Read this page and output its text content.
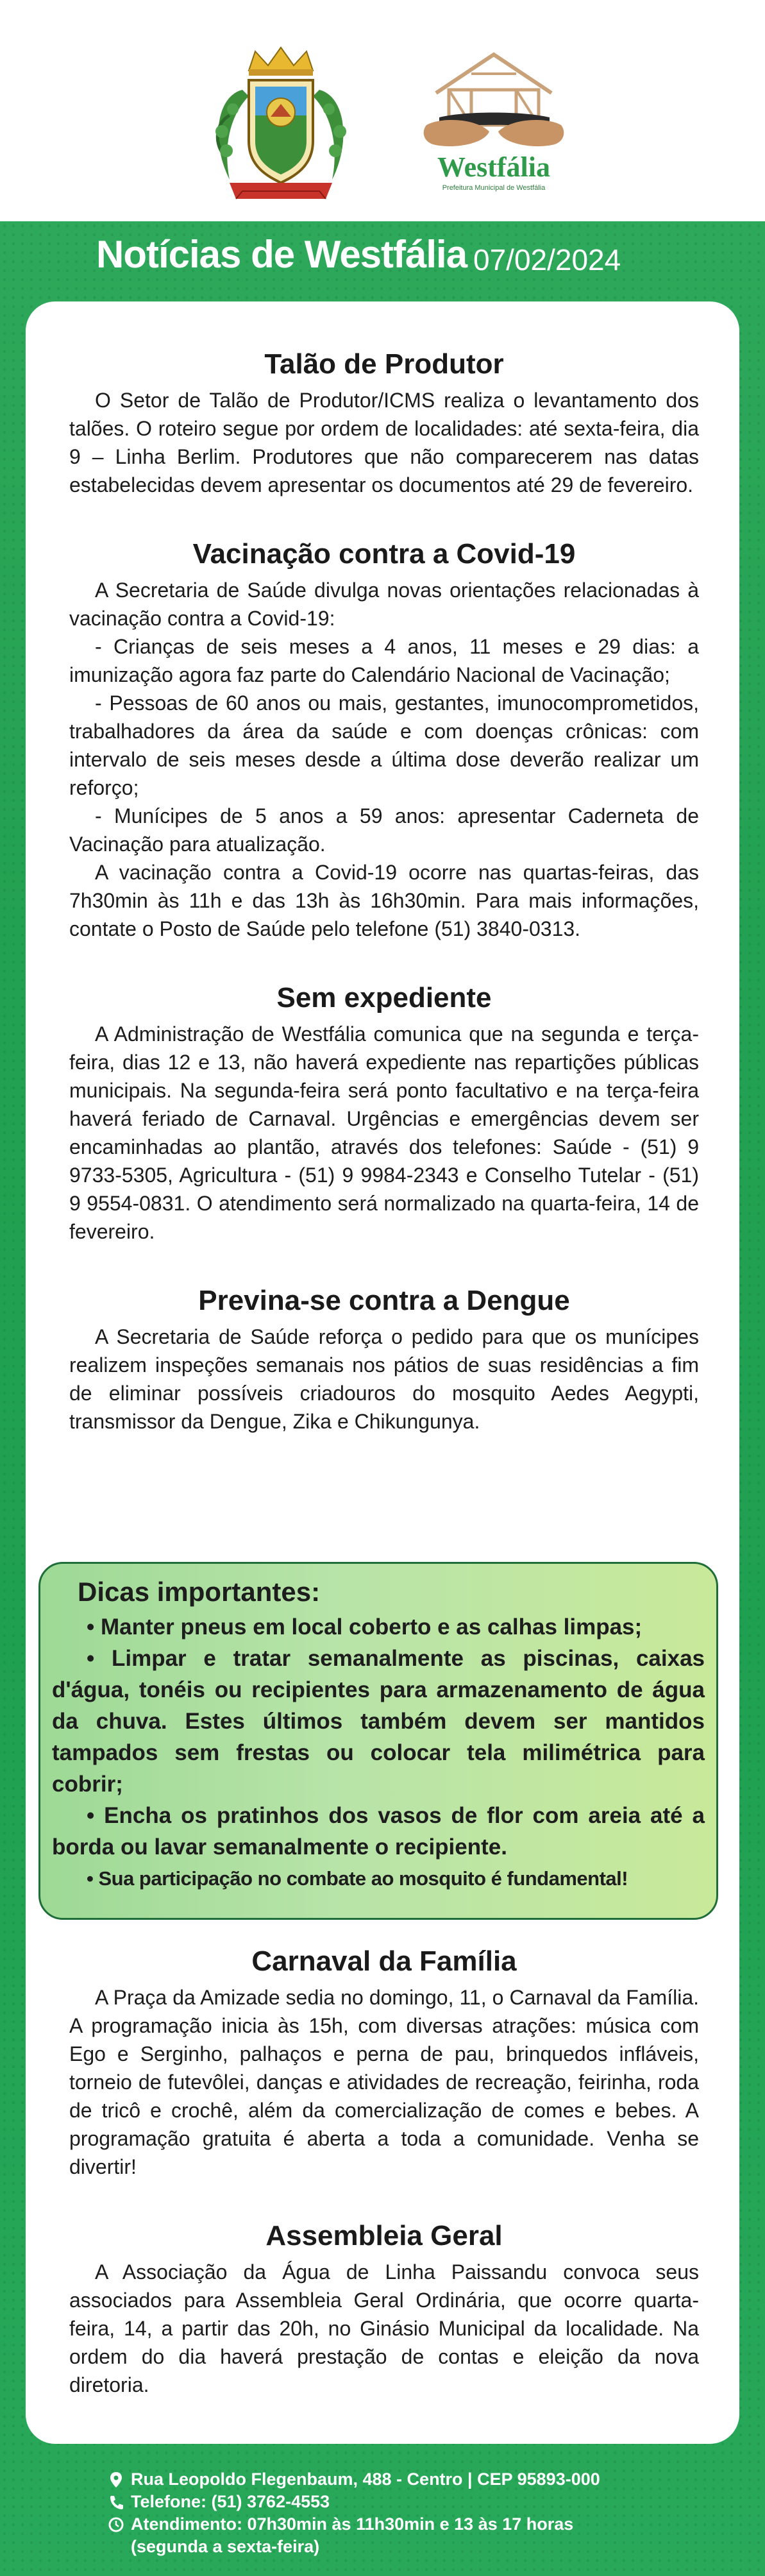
Westfália
Prefeitura Municipal de Westfália
Notícias de Westfália 07/02/2024
Talão de Produtor

O Setor de Talão de Produtor/ICMS realiza o levantamento dos talões. O roteiro segue por ordem de localidades: até sexta-feira, dia 9 – Linha Berlim. Produtores que não comparecerem nas datas estabelecidas devem apresentar os documentos até 29 de fevereiro.

Vacinação contra a Covid-19

A Secretaria de Saúde divulga novas orientações relacionadas à vacinação contra a Covid-19:

- Crianças de seis meses a 4 anos, 11 meses e 29 dias: a imunização agora faz parte do Calendário Nacional de Vacinação;

- Pessoas de 60 anos ou mais, gestantes, imunocomprometidos, trabalhadores da área da saúde e com doenças crônicas: com intervalo de seis meses desde a última dose deverão realizar um reforço;

- Munícipes de 5 anos a 59 anos: apresentar Caderneta de Vacinação para atualização.

A vacinação contra a Covid-19 ocorre nas quartas-feiras, das 7h30min às 11h e das 13h às 16h30min. Para mais informações, contate o Posto de Saúde pelo telefone (51) 3840-0313.

Sem expediente

A Administração de Westfália comunica que na segunda e terça-feira, dias 12 e 13, não haverá expediente nas repartições públicas municipais. Na segunda-feira será ponto facultativo e na terça-feira haverá feriado de Carnaval. Urgências e emergências devem ser encaminhadas ao plantão, através dos telefones: Saúde - (51) 9 9733-5305, Agricultura - (51) 9 9984-2343 e Conselho Tutelar - (51) 9 9554-0831. O atendimento será normalizado na quarta-feira, 14 de fevereiro.

Previna-se contra a Dengue

A Secretaria de Saúde reforça o pedido para que os munícipes realizem inspeções semanais nos pátios de suas residências a fim de eliminar possíveis criadouros do mosquito Aedes Aegypti, transmissor da Dengue, Zika e Chikungunya.

Dicas importantes:
• Manter pneus em local coberto e as calhas limpas;
• Limpar e tratar semanalmente as piscinas, caixas d'água, tonéis ou recipientes para armazenamento de água da chuva. Estes últimos também devem ser mantidos tampados sem frestas ou colocar tela milimétrica para cobrir;
• Encha os pratinhos dos vasos de flor com areia até a borda ou lavar semanalmente o recipiente.
• Sua participação no combate ao mosquito é fundamental!
Carnaval da Família

A Praça da Amizade sedia no domingo, 11, o Carnaval da Família. A programação inicia às 15h, com diversas atrações: música com Ego e Serginho, palhaços e perna de pau, brinquedos infláveis, torneio de futevôlei, danças e atividades de recreação, feirinha, roda de tricô e crochê, além da comercialização de comes e bebes. A programação gratuita é aberta a toda a comunidade. Venha se divertir!

Assembleia Geral

A Associação da Água de Linha Paissandu convoca seus associados para Assembleia Geral Ordinária, que ocorre quarta-feira, 14, a partir das 20h, no Ginásio Municipal da localidade. Na ordem do dia haverá prestação de contas e eleição da nova diretoria.

Rua Leopoldo Flegenbaum, 488 - Centro | CEP 95893-000
Telefone: (51) 3762-4553
Atendimento: 07h30min às 11h30min e 13 às 17 horas
(segunda a sexta-feira)
